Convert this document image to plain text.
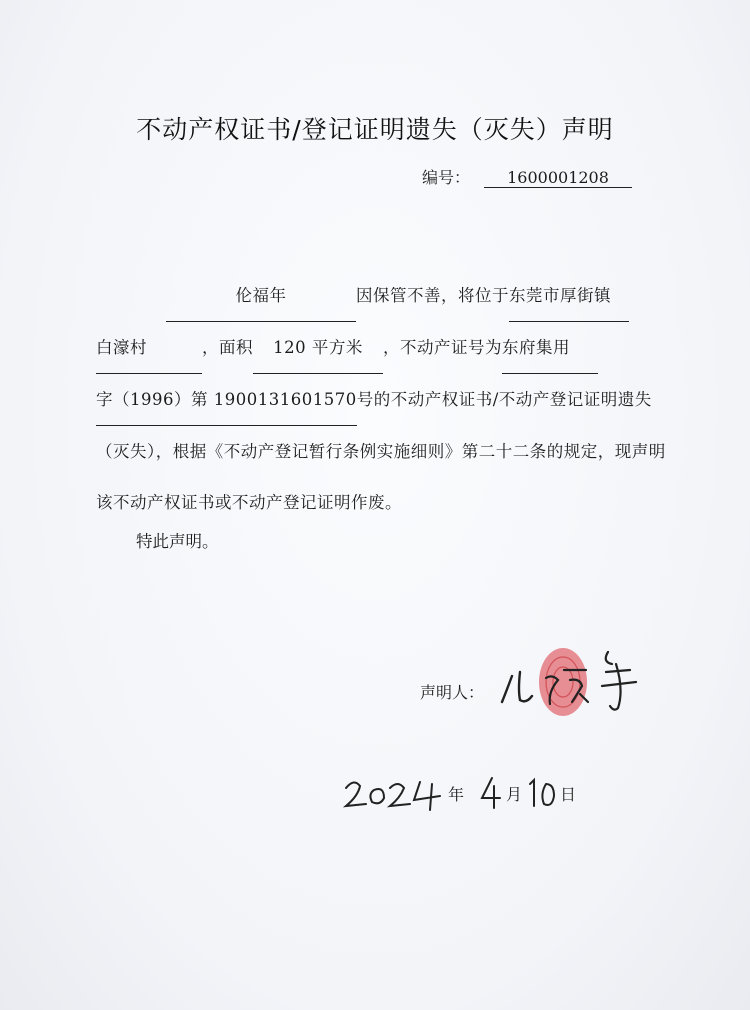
不动产权证书/登记证明遗失（灭失）声明
编号： 1600001208
伦福年	因保管不善，将位于东莞市厚街镇白濠村	，面积 120 平方米 ，不动产证号为东府集用字（1996）第 1900131601570号的不动产权证书/不动产登记证明遗失（灭失），根据《不动产登记暂行条例实施细则》第二十二条的规定，现声明该不动产权证书或不动产登记证明作废。
特此声明。
声明人：
年	月 日
